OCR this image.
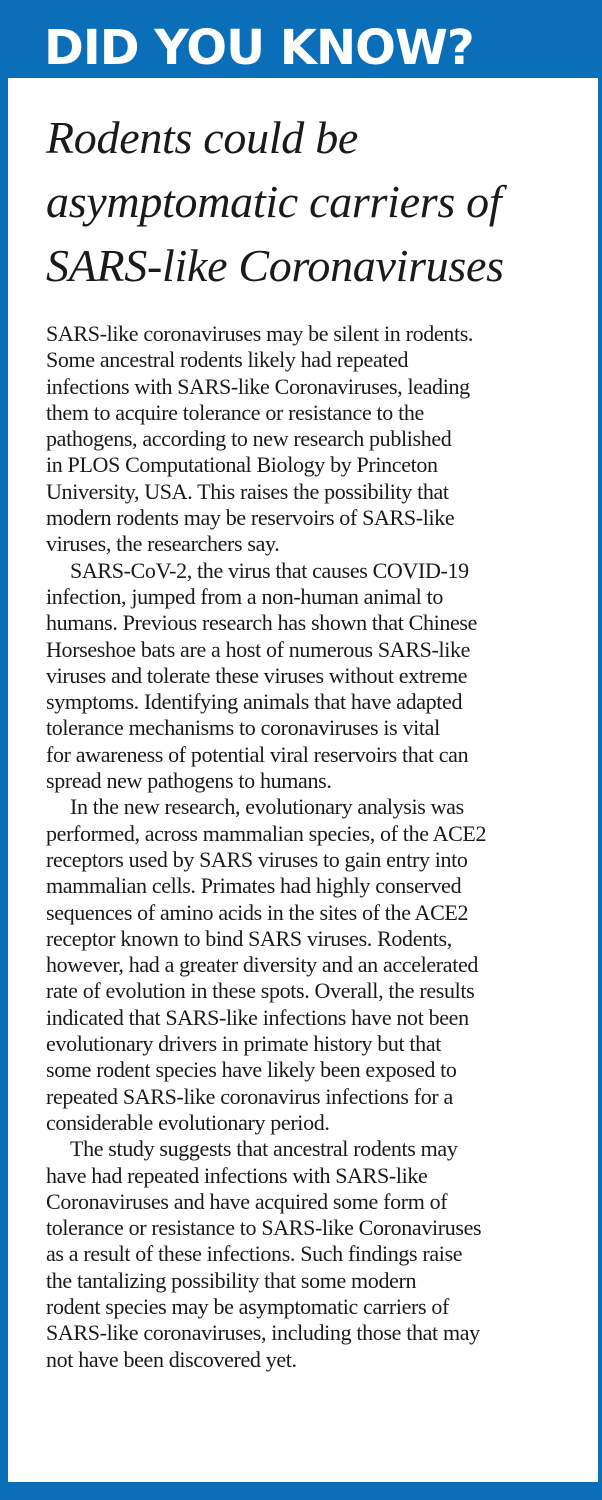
DID YOU KNOW?
Rodents could be
asymptomatic carriers of
SARS-like Coronaviruses

SARS-like coronaviruses may be silent in rodents.
Some ancestral rodents likely had repeated
infections with SARS-like Coronaviruses, leading
them to acquire tolerance or resistance to the
pathogens, according to new research published
in PLOS Computational Biology by Princeton
University, USA. This raises the possibility that
modern rodents may be reservoirs of SARS-like
viruses, the researchers say.

SARS-CoV-2, the virus that causes COVID-19
infection, jumped from a non-human animal to
humans. Previous research has shown that Chinese
Horseshoe bats are a host of numerous SARS-like
viruses and tolerate these viruses without extreme
symptoms. Identifying animals that have adapted
tolerance mechanisms to coronaviruses is vital
for awareness of potential viral reservoirs that can
spread new pathogens to humans.

In the new research, evolutionary analysis was
performed, across mammalian species, of the ACE2
receptors used by SARS viruses to gain entry into
mammalian cells. Primates had highly conserved
sequences of amino acids in the sites of the ACE2
receptor known to bind SARS viruses. Rodents,
however, had a greater diversity and an accelerated
rate of evolution in these spots. Overall, the results
indicated that SARS-like infections have not been
evolutionary drivers in primate history but that
some rodent species have likely been exposed to
repeated SARS-like coronavirus infections for a
considerable evolutionary period.

The study suggests that ancestral rodents may
have had repeated infections with SARS-like
Coronaviruses and have acquired some form of
tolerance or resistance to SARS-like Coronaviruses
as a result of these infections. Such findings raise
the tantalizing possibility that some modern
rodent species may be asymptomatic carriers of
SARS-like coronaviruses, including those that may
not have been discovered yet.
